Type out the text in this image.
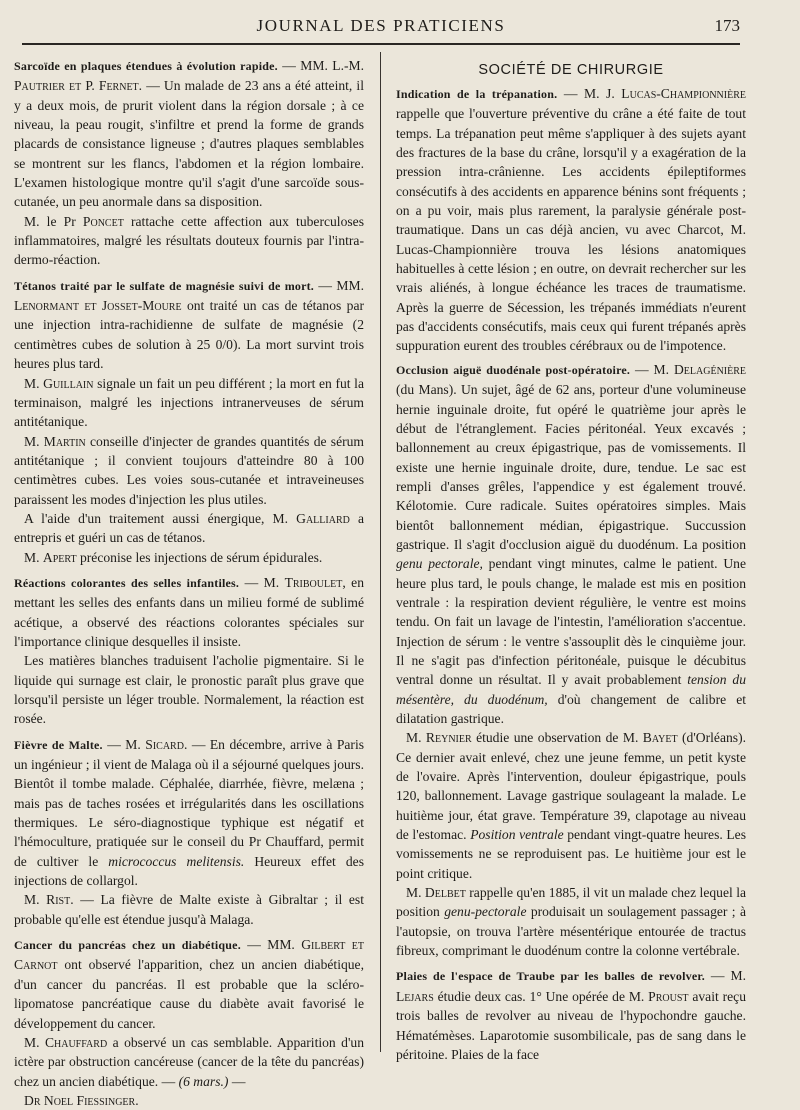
JOURNAL DES PRATICIENS	173

Sarcoïde en plaques étendues à évolution rapide. — MM. L.-M. Pautrier et P. Fernet. — Un malade de 23 ans a été atteint, il y a deux mois, de prurit violent dans la région dorsale ; à ce niveau, la peau rougit, s'infiltre et prend la forme de grands placards de consistance ligneuse ; d'autres plaques semblables se montrent sur les flancs, l'abdomen et la région lombaire. L'examen histologique montre qu'il s'agit d'une sarcoïde sous-cutanée, un peu anormale dans sa disposition.

M. le Pr Poncet rattache cette affection aux tuberculoses inflammatoires, malgré les résultats douteux fournis par l'intra-dermo-réaction.

Tétanos traité par le sulfate de magnésie suivi de mort. — MM. Lenormant et Josset-Moure ont traité un cas de tétanos par une injection intra-rachidienne de sulfate de magnésie (2 centimètres cubes de solution à 25 0/0). La mort survint trois heures plus tard.

M. Guillain signale un fait un peu différent ; la mort en fut la terminaison, malgré les injections intranerveuses de sérum antitétanique.

M. Martin conseille d'injecter de grandes quantités de sérum antitétanique ; il convient toujours d'atteindre 80 à 100 centimètres cubes. Les voies sous-cutanée et intraveineuses paraissent les modes d'injection les plus utiles.

A l'aide d'un traitement aussi énergique, M. Galliard a entrepris et guéri un cas de tétanos.

M. Apert préconise les injections de sérum épidurales.

Réactions colorantes des selles infantiles. — M. Triboulet, en mettant les selles des enfants dans un milieu formé de sublimé acétique, a observé des réactions colorantes spéciales sur l'importance clinique desquelles il insiste.

Les matières blanches traduisent l'acholie pigmentaire. Si le liquide qui surnage est clair, le pronostic paraît plus grave que lorsqu'il persiste un léger trouble. Normalement, la réaction est rosée.

Fièvre de Malte. — M. Sicard. — En décembre, arrive à Paris un ingénieur ; il vient de Malaga où il a séjourné quelques jours. Bientôt il tombe malade. Céphalée, diarrhée, fièvre, melæna ; mais pas de taches rosées et irrégularités dans les oscillations thermiques. Le séro-diagnostique typhique est négatif et l'hémoculture, pratiquée sur le conseil du Pr Chauffard, permit de cultiver le micrococcus melitensis. Heureux effet des injections de collargol.

M. Rist. — La fièvre de Malte existe à Gibraltar ; il est probable qu'elle est étendue jusqu'à Malaga.

Cancer du pancréas chez un diabétique. — MM. Gilbert et Carnot ont observé l'apparition, chez un ancien diabétique, d'un cancer du pancréas. Il est probable que la scléro-lipomatose pancréatique cause du diabète avait favorisé le développement du cancer.

M. Chauffard a observé un cas semblable. Apparition d'un ictère par obstruction cancéreuse (cancer de la tête du pancréas) chez un ancien diabétique. — (6 mars.) —

Dr Noel Fiessinger.

SOCIÉTÉ DE CHIRURGIE

Indication de la trépanation. — M. J. Lucas-Championnière rappelle que l'ouverture préventive du crâne a été faite de tout temps. La trépanation peut même s'appliquer à des sujets ayant des fractures de la base du crâne, lorsqu'il y a exagération de la pression intra-crânienne. Les accidents épileptiformes consécutifs à des accidents en apparence bénins sont fréquents ; on a pu voir, mais plus rarement, la paralysie générale post-traumatique. Dans un cas déjà ancien, vu avec Charcot, M. Lucas-Championnière trouva les lésions anatomiques habituelles à cette lésion ; en outre, on devrait rechercher sur les vrais aliénés, à longue échéance les traces de traumatisme. Après la guerre de Sécession, les trépanés immédiats n'eurent pas d'accidents consécutifs, mais ceux qui furent trépanés après suppuration eurent des troubles cérébraux ou de l'impotence.

Occlusion aiguë duodénale post-opératoire. — M. Delagénière (du Mans). Un sujet, âgé de 62 ans, porteur d'une volumineuse hernie inguinale droite, fut opéré le quatrième jour après le début de l'étranglement. Facies péritonéal. Yeux excavés ; ballonnement au creux épigastrique, pas de vomissements. Il existe une hernie inguinale droite, dure, tendue. Le sac est rempli d'anses grêles, l'appendice y est également trouvé. Kélotomie. Cure radicale. Suites opératoires simples. Mais bientôt ballonnement médian, épigastrique. Succussion gastrique. Il s'agit d'occlusion aiguë du duodénum. La position genu pectorale, pendant vingt minutes, calme le patient. Une heure plus tard, le pouls change, le malade est mis en position ventrale : la respiration devient régulière, le ventre est moins tendu. On fait un lavage de l'intestin, l'amélioration s'accentue. Injection de sérum : le ventre s'assouplit dès le cinquième jour. Il ne s'agit pas d'infection péritonéale, puisque le décubitus ventral donne un résultat. Il y avait probablement tension du mésentère, du duodénum, d'où changement de calibre et dilatation gastrique.

M. Reynier étudie une observation de M. Bayet (d'Orléans). Ce dernier avait enlevé, chez une jeune femme, un petit kyste de l'ovaire. Après l'intervention, douleur épigastrique, pouls 120, ballonnement. Lavage gastrique soulageant la malade. Le huitième jour, état grave. Température 39, clapotage au niveau de l'estomac. Position ventrale pendant vingt-quatre heures. Les vomissements ne se reproduisent pas. Le huitième jour est le point critique.

M. Delbet rappelle qu'en 1885, il vit un malade chez lequel la position genu-pectorale produisait un soulagement passager ; à l'autopsie, on trouva l'artère mésentérique entourée de tractus fibreux, comprimant le duodénum contre la colonne vertébrale.

Plaies de l'espace de Traube par les balles de revolver. — M. Lejars étudie deux cas. 1° Une opérée de M. Proust avait reçu trois balles de revolver au niveau de l'hypochondre gauche. Hématémèses. Laparotomie susombilicale, pas de sang dans le péritoine. Plaies de la face
